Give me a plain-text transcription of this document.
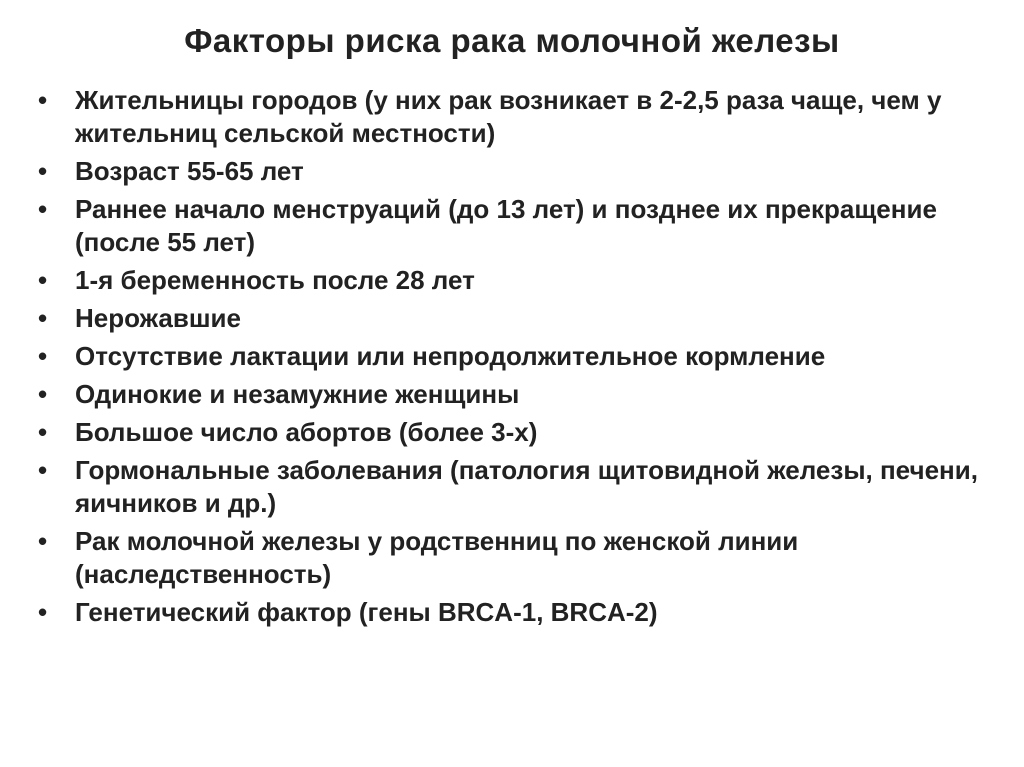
Факторы риска рака молочной железы
•	Жительницы городов (у них рак возникает в 2-2,5 раза чаще, чем у жительниц сельской местности)
•	Возраст 55-65 лет
•	Раннее начало менструаций (до 13 лет) и позднее их прекращение (после 55 лет)
•	1-я беременность после 28 лет
•	Нерожавшие
•	Отсутствие лактации или непродолжительное кормление
•	Одинокие и незамужние женщины
•	Большое число абортов (более 3-х)
•	Гормональные заболевания (патология щитовидной железы, печени, яичников и др.)
•	Рак молочной железы у родственниц по женской линии (наследственность)
•	Генетический фактор (гены BRCA-1, BRCA-2)
